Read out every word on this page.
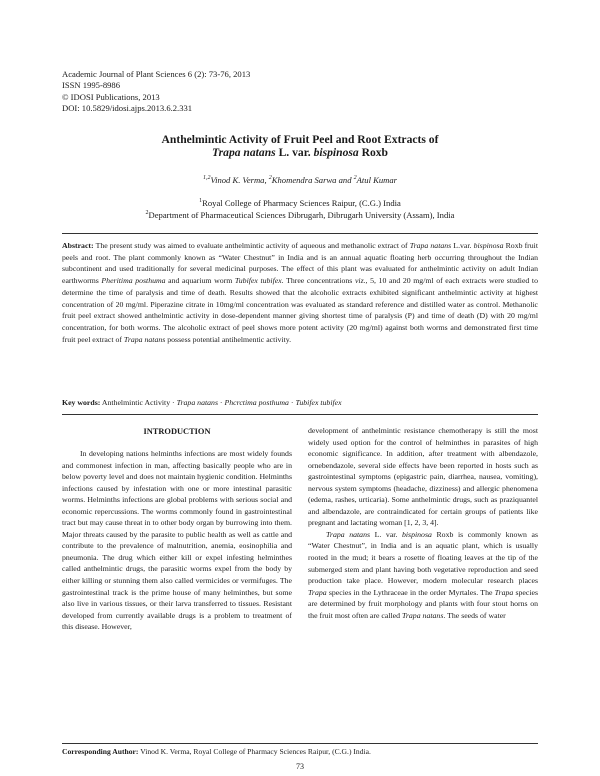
Academic Journal of Plant Sciences 6 (2): 73-76, 2013
ISSN 1995-8986
© IDOSI Publications, 2013
DOI: 10.5829/idosi.ajps.2013.6.2.331
Anthelmintic Activity of Fruit Peel and Root Extracts of
Trapa natans L. var. bispinosa Roxb
$^{1,2}$Vinod K. Verma, $^2$Khomendra Sarwa and $^2$Atul Kumar
$^1$Royal College of Pharmacy Sciences Raipur, (C.G.) India
$^2$Department of Pharmaceutical Sciences Dibrugarh, Dibrugarh University (Assam), India
Abstract: The present study was aimed to evaluate anthelmintic activity of aqueous and methanolic extract of Trapa natans L.var. bispinosa Roxb fruit peels and root. The plant commonly known as “Water Chestnut” in India and is an annual aquatic floating herb occurring throughout the Indian subcontinent and used traditionally for several medicinal purposes. The effect of this plant was evaluated for anthelmintic activity on adult Indian earthworms Pheritima posthuma and aquarium worm Tubifex tubifex. Three concentrations viz., 5, 10 and 20 mg/ml of each extracts were studied to determine the time of paralysis and time of death. Results showed that the alcoholic extracts exhibited significant anthelmintic activity at highest concentration of 20 mg/ml. Piperazine citrate in 10mg/ml concentration was evaluated as standard reference and distilled water as control. Methanolic fruit peel extract showed anthelmintic activity in dose-dependent manner giving shortest time of paralysis (P) and time of death (D) with 20 mg/ml concentration, for both worms. The alcoholic extract of peel shows more potent activity (20 mg/ml) against both worms and demonstrated first time fruit peel extract of Trapa natans possess potential antihelmentic activity.
Key words: Anthelmintic Activity · Trapa natans · Phcrctima posthuma · Tubifex tubifex
INTRODUCTION

In developing nations helminths infections are most widely founds and commonest infection in man, affecting basically people who are in below poverty level and does not maintain hygienic condition. Helminths infections caused by infestation with one or more intestinal parasitic worms. Helminths infections are global problems with serious social and economic repercussions. The worms commonly found in gastrointestinal tract but may cause threat in to other body organ by burrowing into them. Major threats caused by the parasite to public health as well as cattle and contribute to the prevalence of malnutrition, anemia, eosinophilia and pneumonia. The drug which either kill or expel infesting helminthes called anthelmintic drugs, the parasitic worms expel from the body by either killing or stunning them also called vermicides or vermifuges. The gastrointestinal track is the prime house of many helminthes, but some also live in various tissues, or their larva transferred to tissues. Resistant developed from currently available drugs is a problem to treatment of this disease. However,

development of anthelmintic resistance chemotherapy is still the most widely used option for the control of helminthes in parasites of high economic significance. In addition, after treatment with albendazole, ornebendazole, several side effects have been reported in hosts such as gastrointestinal symptoms (epigastric pain, diarrhea, nausea, vomiting), nervous system symptoms (headache, dizziness) and allergic phenomena (edema, rashes, urticaria). Some anthelmintic drugs, such as praziquantel and albendazole, are contraindicated for certain groups of patients like pregnant and lactating woman [1, 2, 3, 4].

Trapa natans L. var. bispinosa Roxb is commonly known as “Water Chestnut”, in India and is an aquatic plant, which is usually rooted in the mud; it bears a rosette of floating leaves at the tip of the submerged stem and plant having both vegetative reproduction and seed production take place. However, modern molecular research places Trapa species in the Lythraceae in the order Myrtales. The Trapa species are determined by fruit morphology and plants with four stout horns on the fruit most often are called Trapa natans. The seeds of water

Corresponding Author: Vinod K. Verma, Royal College of Pharmacy Sciences Raipur, (C.G.) India.
73
